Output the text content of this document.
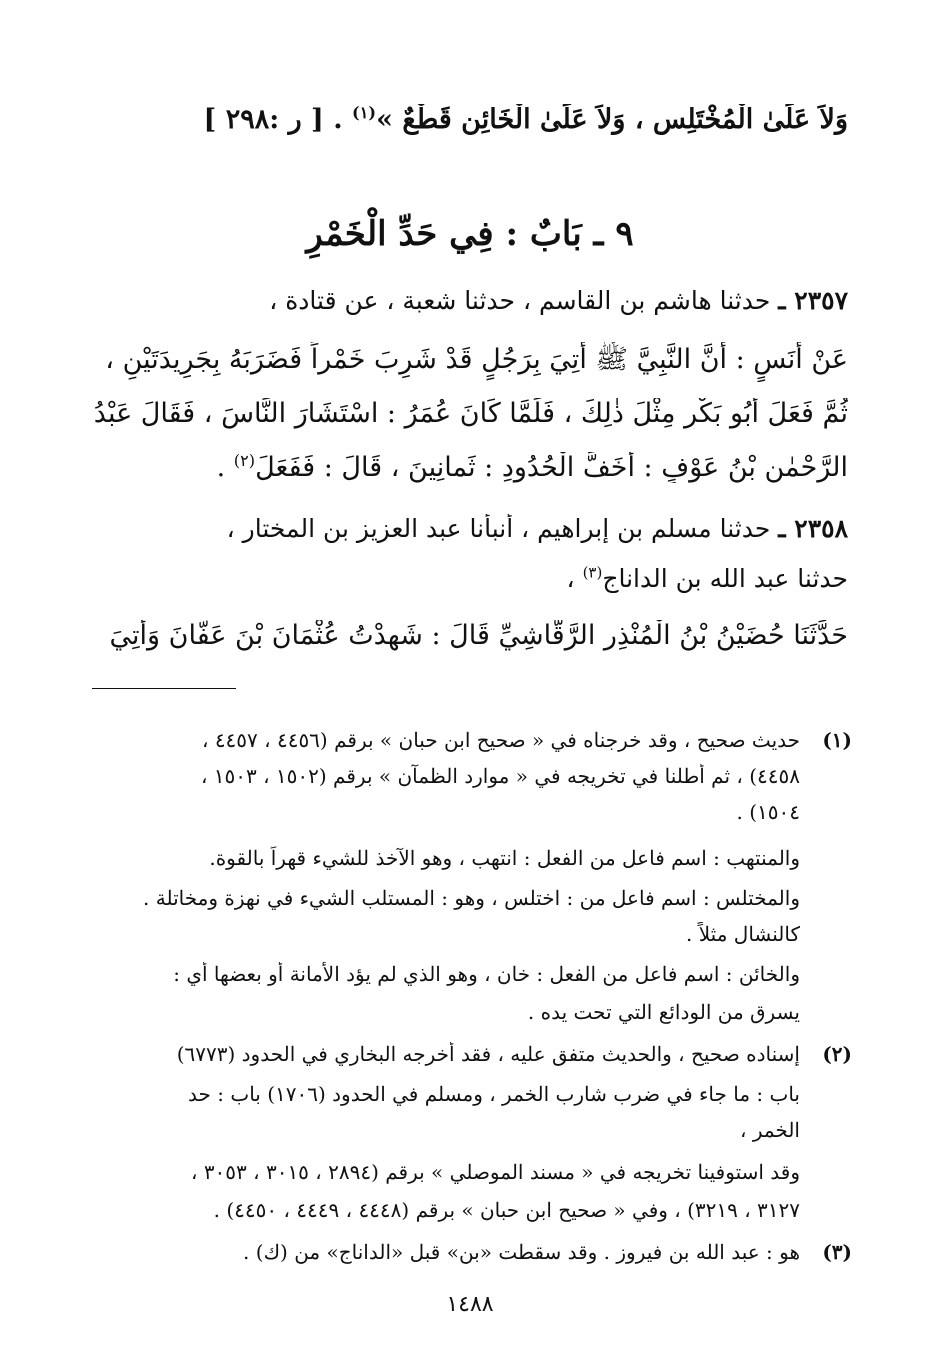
وَلاَ عَلَىٰ الْمُخْتَلِسِ ، وَلاَ عَلَىٰ الْخَائِنِ قَطْعٌ »$^{(١)}$ . [ ر :٢٩٨ ]
٩ ـ بَابٌ : فِي حَدِّ الْخَمْرِ
٢٣٥٧ ـ حدثنا هاشم بن القاسم ، حدثنا شعبة ، عن قتادة ،
عَنْ أَنَسٍ : أَنَّ النَّبِيَّ ﷺ أُتِيَ بِرَجُلٍ قَدْ شَرِبَ خَمْراً فَضَرَبَهُ بِجَرِيدَتَيْنِ ،
ثُمَّ فَعَلَ أَبُو بَكْرٍ مِثْلَ ذٰلِكَ ، فَلَمَّا كَانَ عُمَرُ : اسْتَشَارَ النَّاسَ ، فَقَالَ عَبْدُ
الرَّحْمٰنِ بْنُ عَوْفٍ : أَخَفَّ الْحُدُودِ : ثَمانِينَ ، قَالَ : فَفَعَلَ$^{(٢)}$ .
٢٣٥٨ ـ حدثنا مسلم بن إبراهيم ، أنبأنا عبد العزيز بن المختار ،
حدثنا عبد الله بن الداناج$^{(٣)}$ ،
حَدَّثَنَا حُضَيْنُ بْنُ الْمُنْذِرِ الرَّقَّاشِيِّ قَالَ : شَهِدْتُ عُثْمَانَ بْنَ عَفَّانَ وَأُتِيَ
(١)
حديث صحيح ، وقد خرجناه في « صحيح ابن حبان » برقم (٤٤٥٦ ، ٤٤٥٧ ،
٤٤٥٨) ، ثم أطلنا في تخريجه في « موارد الظمآن » برقم (١٥٠٢ ، ١٥٠٣ ،
١٥٠٤) .
والمنتهب : اسم فاعل من الفعل : انتهب ، وهو الآخذ للشيء قهراً بالقوة.
والمختلس : اسم فاعل من : اختلس ، وهو : المستلب الشيء في نهزة ومخاتلة .
كالنشال مثلاً .
والخائن : اسم فاعل من الفعل : خان ، وهو الذي لم يؤد الأمانة أو بعضها أي :
يسرق من الودائع التي تحت يده .
(٢)
إسناده صحيح ، والحديث متفق عليه ، فقد أخرجه البخاري في الحدود (٦٧٧٣)
باب : ما جاء في ضرب شارب الخمر ، ومسلم في الحدود (١٧٠٦) باب : حد
الخمر ،
وقد استوفينا تخريجه في « مسند الموصلي » برقم (٢٨٩٤ ، ٣٠١٥ ، ٣٠٥٣ ،
٣١٢٧ ، ٣٢١٩) ، وفي « صحيح ابن حبان » برقم (٤٤٤٨ ، ٤٤٤٩ ، ٤٤٥٠) .
(٣)
هو : عبد الله بن فيروز . وقد سقطت «بن» قبل «الداناج» من (ك) .
١٤٨٨
